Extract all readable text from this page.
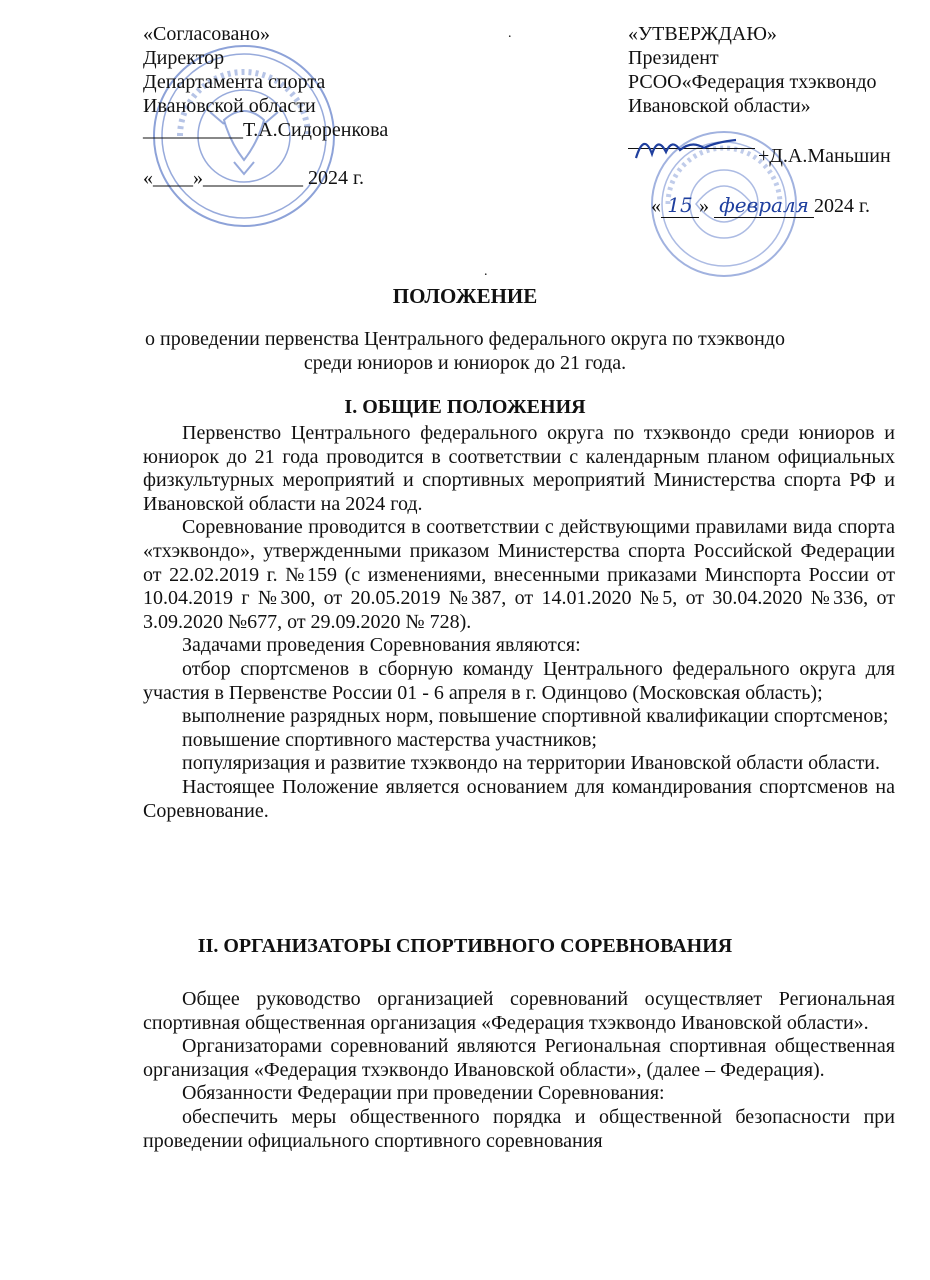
«Согласовано»
Директор
Департамента спорта
Ивановской области
__________Т.А.Сидоренкова
«____»__________ 2024 г.
.	«УТВЕРЖДАЮ»
Президент
РСОО«Федерация тхэквондо
Ивановской области»
+Д.А.Маньшин
« 15 » февраля 2024 г.
.
ПОЛОЖЕНИЕ
о проведении первенства Центрального федерального округа по тхэквондо
среди юниоров и юниорок до 21 года.
I. ОБЩИЕ ПОЛОЖЕНИЯ

Первенство Центрального федерального округа по тхэквондо среди юниоров и юниорок до 21 года проводится в соответствии с календарным планом официальных физкультурных мероприятий и спортивных мероприятий Министерства спорта РФ и Ивановской области на 2024 год.

Соревнование проводится в соответствии с действующими правилами вида спорта «тхэквондо», утвержденными приказом Министерства спорта Российской Федерации от 22.02.2019 г. №159 (с изменениями, внесенными приказами Минспорта России от 10.04.2019 г №300, от 20.05.2019 №387, от 14.01.2020 №5, от 30.04.2020 №336, от 3.09.2020 №677, от 29.09.2020 № 728).

Задачами проведения Соревнования являются:

отбор спортсменов в сборную команду Центрального федерального округа для участия в Первенстве России 01 - 6 апреля в г. Одинцово (Московская область);

выполнение разрядных норм, повышение спортивной квалификации спортсменов;

повышение спортивного мастерства участников;

популяризация и развитие тхэквондо на территории Ивановской области области.

Настоящее Положение является основанием для командирования спортсменов на Соревнование.

II. ОРГАНИЗАТОРЫ СПОРТИВНОГО СОРЕВНОВАНИЯ

Общее руководство организацией соревнований осуществляет Региональная спортивная общественная организация «Федерация тхэквондо Ивановской области».

Организаторами соревнований являются Региональная спортивная общественная организация «Федерация тхэквондо Ивановской области», (далее – Федерация).

Обязанности Федерации при проведении Соревнования:

обеспечить меры общественного порядка и общественной безопасности при проведении официального спортивного соревнования
